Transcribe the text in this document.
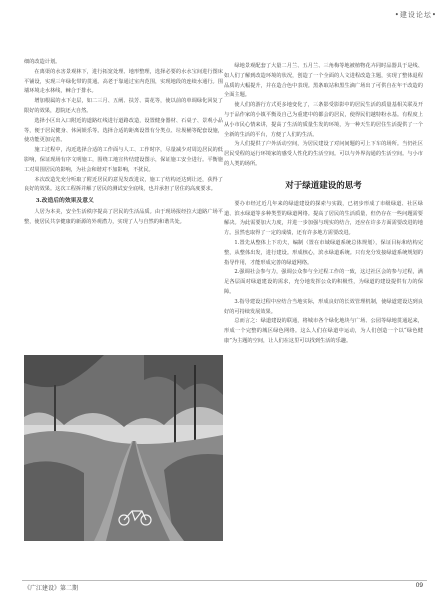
•建设论坛•

细的改造计划。

在离渠的水害景观林下，进行拓宽处理、地形整理，选择必要的水水宝间进行图床平铺设，实现三年绿化带的贯通。高老于靠通过室内范围，实现地段的连续水通行。围墙环境走水林线，棘合于排水。

增加根属的水下走层，如二三月、五阐、扶芳、蒿花等，使以前的单调绿化回复了限好的效果，恩院还大自然。

选择小区出入口附近的道路红线进行道路改造，设置健身器材、石桌子、景观小品等，便于居民健身、休闲娱乐等。选择合适的距离设置有分类点、垃圾桶等配套设施，使功能更加完善。

施工过程中，沟近选择合适的工作面与人工、工作时序，尽量减少对周边居民的低影响，保证现场有序文明施工，围绕工地宣传结建设图示，保证施工安全进行。平衡施工对周围居民的影响，为社会和谐对不加影响，不扰民。

本次改造先充分听取了附近居民的意见发改进议，施工了结构还达到让还，获得了良好的效果。这次工程拆并解了居民的测试安全底线，也并承担了居住的高度要求。

3.改造后的效果及意义

人居为本美，安全生活秩序提高了居民的生活品质。由于现场报经拉大道路广场平整，使居民共享健康的新源的外观潜力，实现了人与自然的和谐共处。

绿地景观配套了大量二月兰、五月兰、三角梅等地被植物花卉同时品器具于是线、如人们了解到改造环境的状况，创造了一个全面的人文进程改造主题，实现了整体退程品质的大幅提升，并在造合色中表现。黑条取站和黑生滴广场出了可供自在年干改造的全面主题。

使人们的游行方式更多地变化了，三条影受影影中的居民生活的质量基相关联及开与于品作家的小镇平衡及自己为重建中的都会的居民，使得民们越特粉水基。有程度上从小市民心情来讲，提高了生活的质量生发的环境，为一种天生的居住生活提供了一个全新的生活的平台，方便了人们的生活。

为人们提供了户外活动空间，为居民建设了对问间题的可上下车的场所。当仍社区居民受程的运行环境家的感受人性化的生活空间。可以与外界沟通的生活空间。与小市的人类的场所。

对于绿道建设的思考

要办市经过近几年来的绿道建设的探索与实践，已初步形成了市级绿道、社区绿道、滨水绿道等多种类型的绿道网络。提高了居民的生活质量，但仍存在一些问题需要解决。为此需要加大力度，并进一步加强与现实的结合，还应在许多方面需要改进的地方。虽然也取得了一定的成绩，还有许多地方需要改进。

1.置先从整体上下功夫，编制（置在市域绿道系统总体规划），保证目标和结构完整，从整体出发，进行建设。形成核心，滨水绿道系统。只有充分发接绿道系统规划的指导作用，才能形成完善的绿道网络。

2.强调社会参与力，强调公众参与全过程工作的一致，这过社区会的参与过程，满足各层面对绿道建设的需求，充分地发挥公众的积极性，为绿道的建设提供有力的保障。

3.指导建设过程中应结合当地实际，形成良好的长效管理机制，使绿道建设达到良好的可持续发展效果。

总而言之：绿道建设的联通，将城市各个绿化地块与广场、公园等绿地贯通起来，形成一个完整的城区绿色网络。这么人们在绿道中运动，为人们创造一个以“绿色健康”为主题的空间，让人们在这里可以找到生活的乐趣。

《广江建设》第二期	09
